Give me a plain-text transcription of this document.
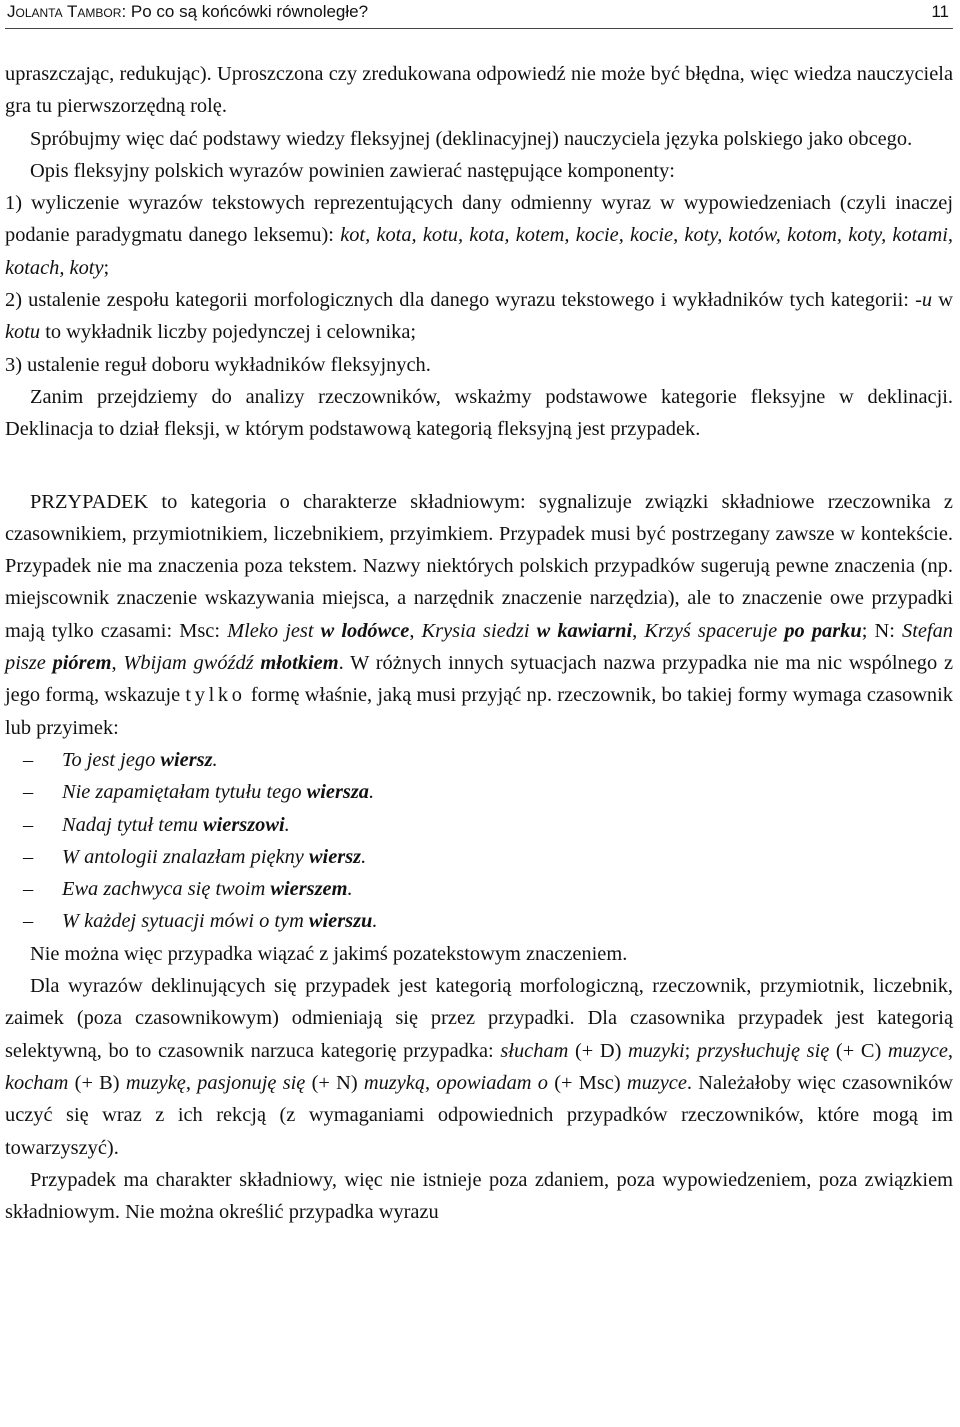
Jolanta Tambor: Po co są końcówki równoległe?	11

upraszczając, redukując). Uproszczona czy zredukowana odpowiedź nie może być błędna, więc wiedza nauczyciela gra tu pierwszorzędną rolę.

Spróbujmy więc dać podstawy wiedzy fleksyjnej (deklinacyjnej) nauczyciela języka polskiego jako obcego.

Opis fleksyjny polskich wyrazów powinien zawierać następujące komponenty:

1) wyliczenie wyrazów tekstowych reprezentujących dany odmienny wyraz w wypowiedzeniach (czyli inaczej podanie paradygmatu danego leksemu): kot, kota, kotu, kota, kotem, kocie, kocie, koty, kotów, kotom, koty, kotami, kotach, koty;

2) ustalenie zespołu kategorii morfologicznych dla danego wyrazu tekstowego i wykładników tych kategorii: -u w kotu to wykładnik liczby pojedynczej i celownika;

3) ustalenie reguł doboru wykładników fleksyjnych.

Zanim przejdziemy do analizy rzeczowników, wskażmy podstawowe kategorie fleksyjne w deklinacji. Deklinacja to dział fleksji, w którym podstawową kategorią fleksyjną jest przypadek.

PRZYPADEK to kategoria o charakterze składniowym: sygnalizuje związki składniowe rzeczownika z czasownikiem, przymiotnikiem, liczebnikiem, przyimkiem. Przypadek musi być postrzegany zawsze w kontekście. Przypadek nie ma znaczenia poza tekstem. Nazwy niektórych polskich przypadków sugerują pewne znaczenia (np. miejscownik znaczenie wskazywania miejsca, a narzędnik znaczenie narzędzia), ale to znaczenie owe przypadki mają tylko czasami: Msc: Mleko jest w lodówce, Krysia siedzi w kawiarni, Krzyś spaceruje po parku; N: Stefan pisze piórem, Wbijam gwóźdź młotkiem. W różnych innych sytuacjach nazwa przypadka nie ma nic wspólnego z jego formą, wskazuje tylko formę właśnie, jaką musi przyjąć np. rzeczownik, bo takiej formy wymaga czasownik lub przyimek:

– To jest jego wiersz.

– Nie zapamiętałam tytułu tego wiersza.

– Nadaj tytuł temu wierszowi.

– W antologii znalazłam piękny wiersz.

– Ewa zachwyca się twoim wierszem.

– W każdej sytuacji mówi o tym wierszu.

Nie można więc przypadka wiązać z jakimś pozatekstowym znaczeniem.

Dla wyrazów deklinujących się przypadek jest kategorią morfologiczną, rzeczownik, przymiotnik, liczebnik, zaimek (poza czasownikowym) odmieniają się przez przypadki. Dla czasownika przypadek jest kategorią selektywną, bo to czasownik narzuca kategorię przypadka: słucham (+ D) muzyki; przysłuchuję się (+ C) muzyce, kocham (+ B) muzykę, pasjonuję się (+ N) muzyką, opowiadam o (+ Msc) muzyce. Należałoby więc czasowników uczyć się wraz z ich rekcją (z wymaganiami odpowiednich przypadków rzeczowników, które mogą im towarzyszyć).

Przypadek ma charakter składniowy, więc nie istnieje poza zdaniem, poza wypowiedzeniem, poza związkiem składniowym. Nie można określić przypadka wyrazu
